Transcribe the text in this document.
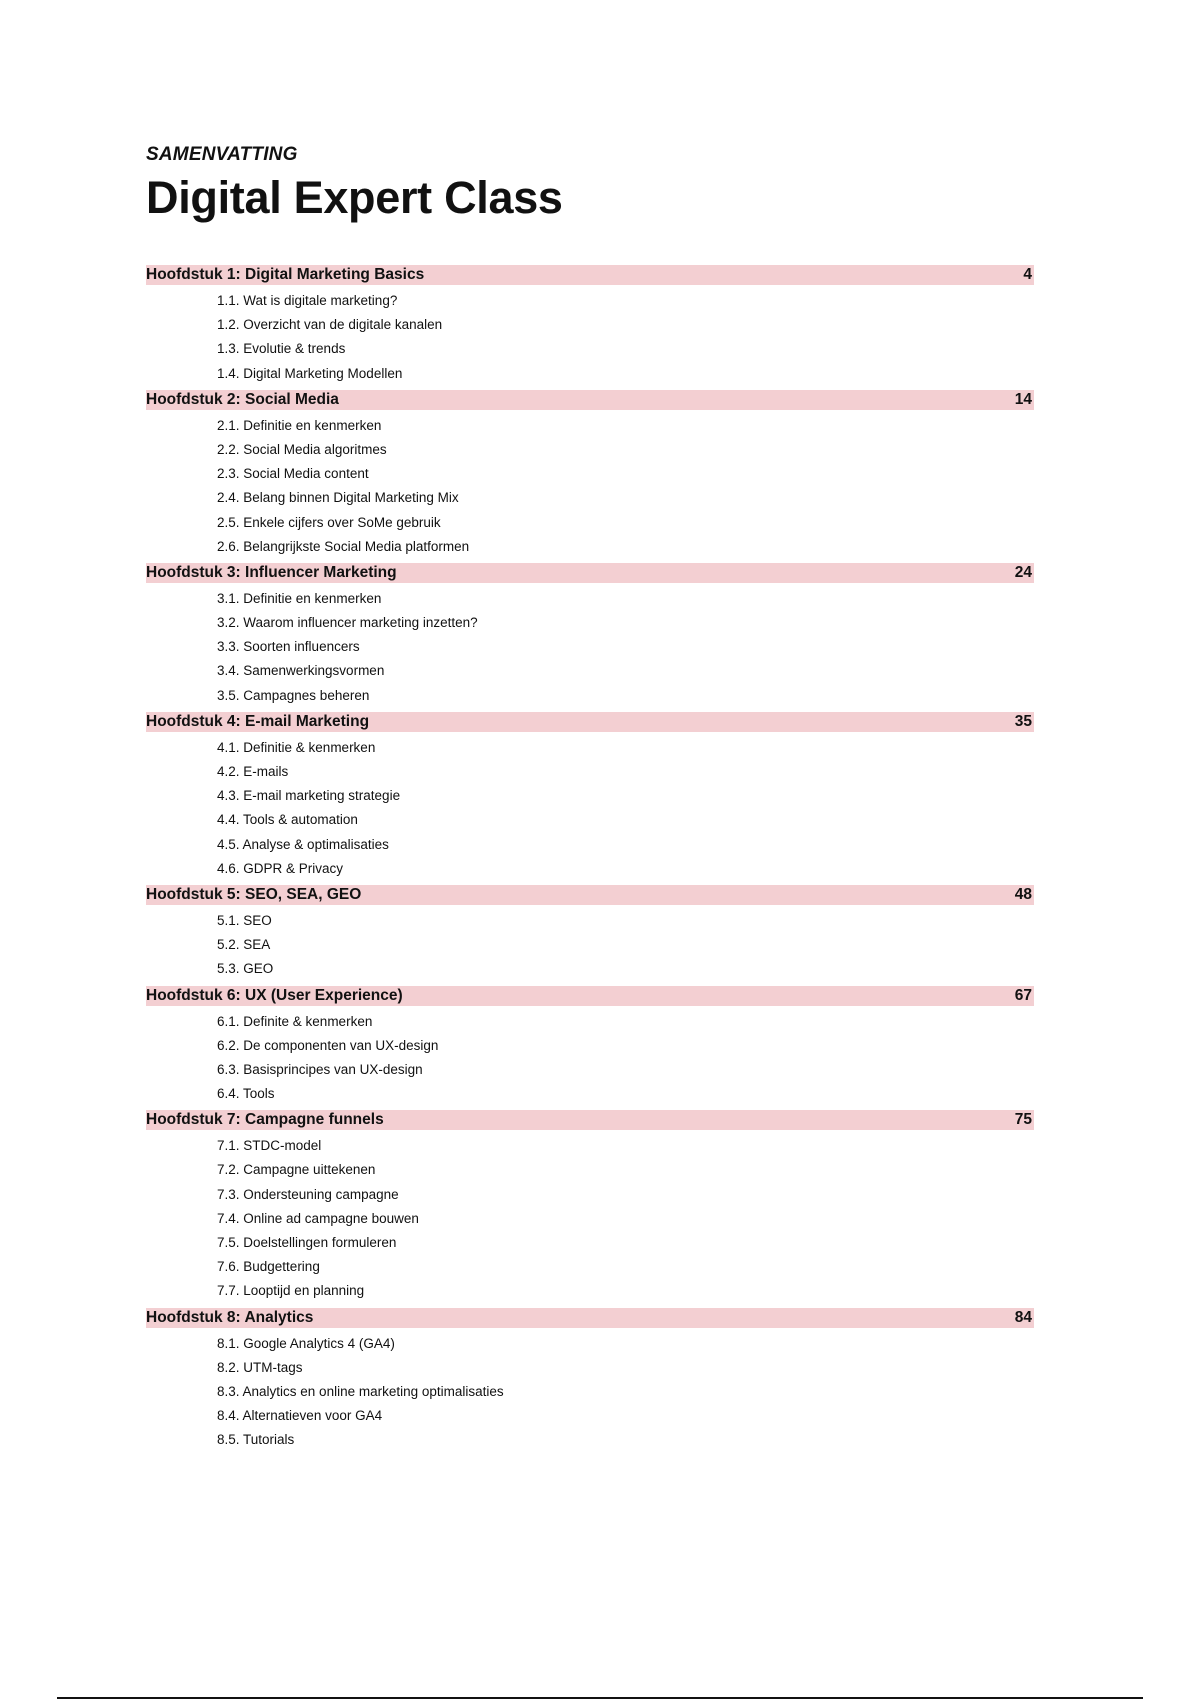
SAMENVATTING
Digital Expert Class
Hoofdstuk 1: Digital Marketing Basics	4
1.1. Wat is digitale marketing?
1.2. Overzicht van de digitale kanalen
1.3. Evolutie & trends
1.4. Digital Marketing Modellen
Hoofdstuk 2: Social Media	14
2.1. Definitie en kenmerken
2.2. Social Media algoritmes
2.3. Social Media content
2.4. Belang binnen Digital Marketing Mix
2.5. Enkele cijfers over SoMe gebruik
2.6. Belangrijkste Social Media platformen
Hoofdstuk 3: Influencer Marketing	24
3.1. Definitie en kenmerken
3.2. Waarom influencer marketing inzetten?
3.3. Soorten influencers
3.4. Samenwerkingsvormen
3.5. Campagnes beheren
Hoofdstuk 4: E-mail Marketing	35
4.1. Definitie & kenmerken
4.2. E-mails
4.3. E-mail marketing strategie
4.4. Tools & automation
4.5. Analyse & optimalisaties
4.6. GDPR & Privacy
Hoofdstuk 5: SEO, SEA, GEO	48
5.1. SEO
5.2. SEA
5.3. GEO
Hoofdstuk 6: UX (User Experience)	67
6.1. Definite & kenmerken
6.2. De componenten van UX-design
6.3. Basisprincipes van UX-design
6.4. Tools
Hoofdstuk 7: Campagne funnels	75
7.1. STDC-model
7.2. Campagne uittekenen
7.3. Ondersteuning campagne
7.4. Online ad campagne bouwen
7.5. Doelstellingen formuleren
7.6. Budgettering
7.7. Looptijd en planning
Hoofdstuk 8: Analytics	84
8.1. Google Analytics 4 (GA4)
8.2. UTM-tags
8.3. Analytics en online marketing optimalisaties
8.4. Alternatieven voor GA4
8.5. Tutorials
